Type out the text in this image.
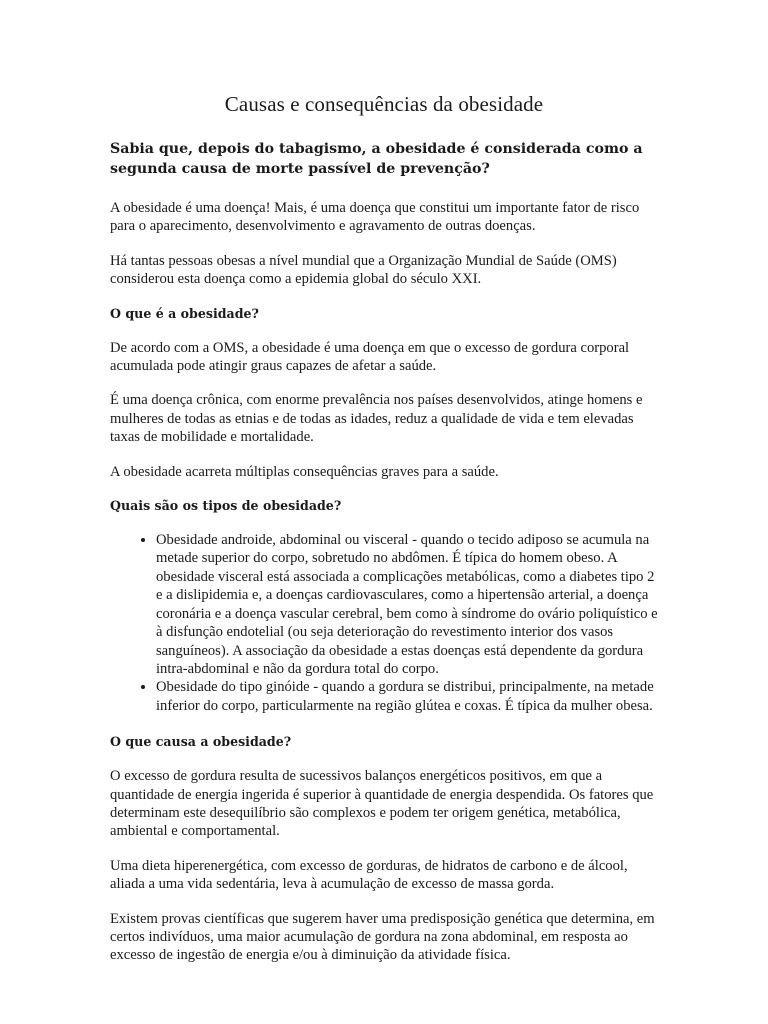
Causas e consequências da obesidade

Sabia que, depois do tabagismo, a obesidade é considerada como a segunda causa de morte passível de prevenção?

A obesidade é uma doença! Mais, é uma doença que constitui um importante fator de risco para o aparecimento, desenvolvimento e agravamento de outras doenças.

Há tantas pessoas obesas a nível mundial que a Organização Mundial de Saúde (OMS) considerou esta doença como a epidemia global do século XXI.

O que é a obesidade?

De acordo com a OMS, a obesidade é uma doença em que o excesso de gordura corporal acumulada pode atingir graus capazes de afetar a saúde.

É uma doença crônica, com enorme prevalência nos países desenvolvidos, atinge homens e mulheres de todas as etnias e de todas as idades, reduz a qualidade de vida e tem elevadas taxas de mobilidade e mortalidade.

A obesidade acarreta múltiplas consequências graves para a saúde.

Quais são os tipos de obesidade?
• Obesidade androide, abdominal ou visceral - quando o tecido adiposo se acumula na metade superior do corpo, sobretudo no abdômen. É típica do homem obeso. A obesidade visceral está associada a complicações metabólicas, como a diabetes tipo 2 e a dislipidemia e, a doenças cardiovasculares, como a hipertensão arterial, a doença coronária e a doença vascular cerebral, bem como à síndrome do ovário poliquístico e à disfunção endotelial (ou seja deterioração do revestimento interior dos vasos sanguíneos). A associação da obesidade a estas doenças está dependente da gordura intra-abdominal e não da gordura total do corpo.
• Obesidade do tipo ginóide - quando a gordura se distribui, principalmente, na metade inferior do corpo, particularmente na região glútea e coxas. É típica da mulher obesa.
O que causa a obesidade?

O excesso de gordura resulta de sucessivos balanços energéticos positivos, em que a quantidade de energia ingerida é superior à quantidade de energia despendida. Os fatores que determinam este desequilíbrio são complexos e podem ter origem genética, metabólica, ambiental e comportamental.

Uma dieta hiperenergética, com excesso de gorduras, de hidratos de carbono e de álcool, aliada a uma vida sedentária, leva à acumulação de excesso de massa gorda.

Existem provas científicas que sugerem haver uma predisposição genética que determina, em certos indivíduos, uma maior acumulação de gordura na zona abdominal, em resposta ao excesso de ingestão de energia e/ou à diminuição da atividade física.
